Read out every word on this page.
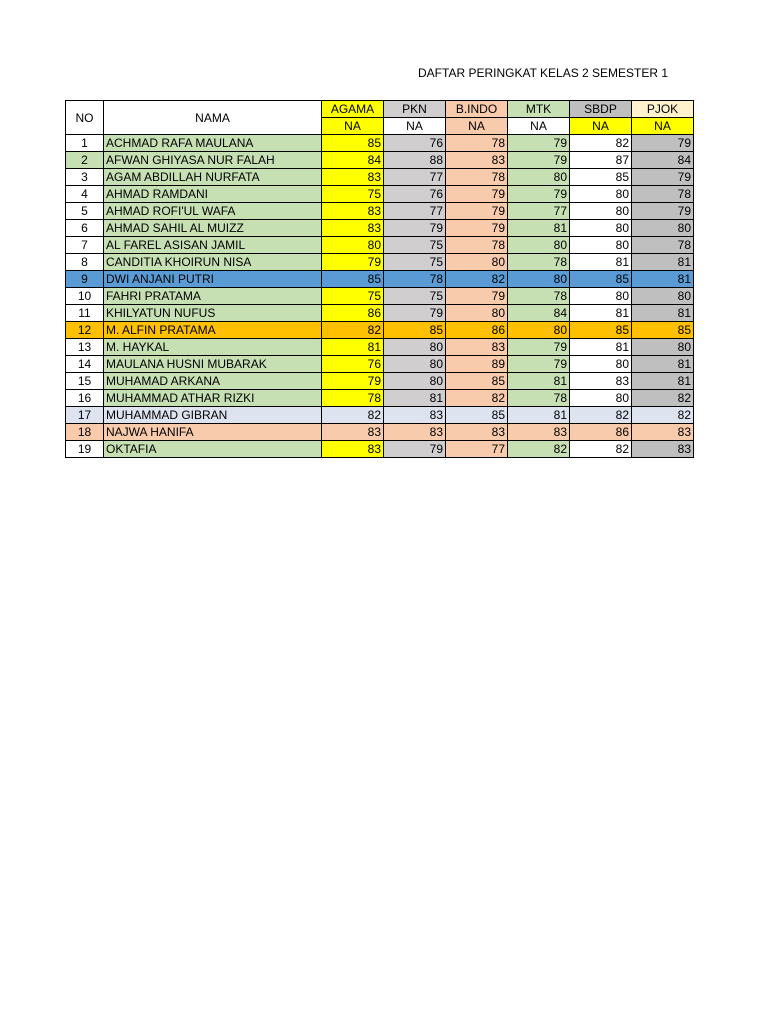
DAFTAR PERINGKAT KELAS 2 SEMESTER 1
NO	NAMA	AGAMA	PKN	B.INDO	MTK	SBDP	PJOK
		NA	NA	NA	NA	NA	NA
1	ACHMAD RAFA MAULANA	85	76	78	79	82	79
2	AFWAN GHIYASA NUR FALAH	84	88	83	79	87	84
3	AGAM ABDILLAH NURFATA	83	77	78	80	85	79
4	AHMAD RAMDANI	75	76	79	79	80	78
5	AHMAD ROFI'UL WAFA	83	77	79	77	80	79
6	AHMAD SAHIL AL MUIZZ	83	79	79	81	80	80
7	AL FAREL ASISAN JAMIL	80	75	78	80	80	78
8	CANDITIA KHOIRUN NISA	79	75	80	78	81	81
9	DWI ANJANI PUTRI	85	78	82	80	85	81
10	FAHRI PRATAMA	75	75	79	78	80	80
11	KHILYATUN NUFUS	86	79	80	84	81	81
12	M. ALFIN PRATAMA	82	85	86	80	85	85
13	M. HAYKAL	81	80	83	79	81	80
14	MAULANA HUSNI MUBARAK	76	80	89	79	80	81
15	MUHAMAD ARKANA	79	80	85	81	83	81
16	MUHAMMAD ATHAR RIZKI	78	81	82	78	80	82
17	MUHAMMAD GIBRAN	82	83	85	81	82	82
18	NAJWA HANIFA	83	83	83	83	86	83
19	OKTAFIA	83	79	77	82	82	83
